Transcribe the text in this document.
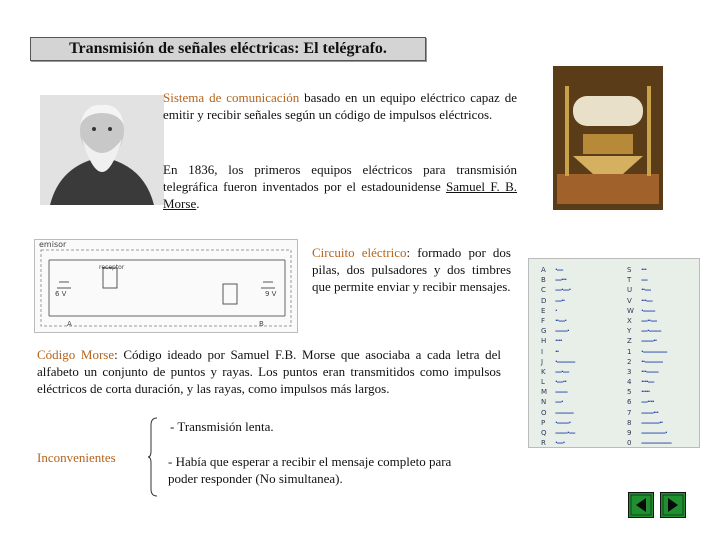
Transmisión de señales eléctricas: El telégrafo.
Sistema de comunicación basado en un equipo eléctrico capaz de emitir y recibir señales según un código de impulsos eléctricos.
En 1836, los primeros equipos eléctricos para transmisión telegráfica fueron inventados por el estadounidense Samuel F. B. Morse.
emisor
receptor
6 V	9 V
A	B
Circuito eléctrico: formado por dos pilas, dos pulsadores y dos timbres que permite enviar y recibir mensajes.
A ·—
B —···
C —·—·
D —··
E ·
F ··—·
G ——·
H ····
I ··
J ·———
K —·—
L ·—··
M ——
N —·
O ———
P ·——·
Q ——·—
R ·—·
S ···
T —
U ··—
V ···—
W ·——
X —··—
Y —·——
Z ——··
1 ·————
2 ··———
3 ···——
4 ····—
5 ·····
6 —····
7 ——···
8 ———··
9 ————·
0 —————
Código Morse: Código ideado por Samuel F.B. Morse que asociaba a cada letra del alfabeto un conjunto de puntos y rayas. Los puntos eran transmitidos como impulsos eléctricos de corta duración, y las rayas, como impulsos más largos.
Inconvenientes
- Transmisión lenta.
- Había que esperar a recibir el mensaje completo para poder responder (No simultanea).
